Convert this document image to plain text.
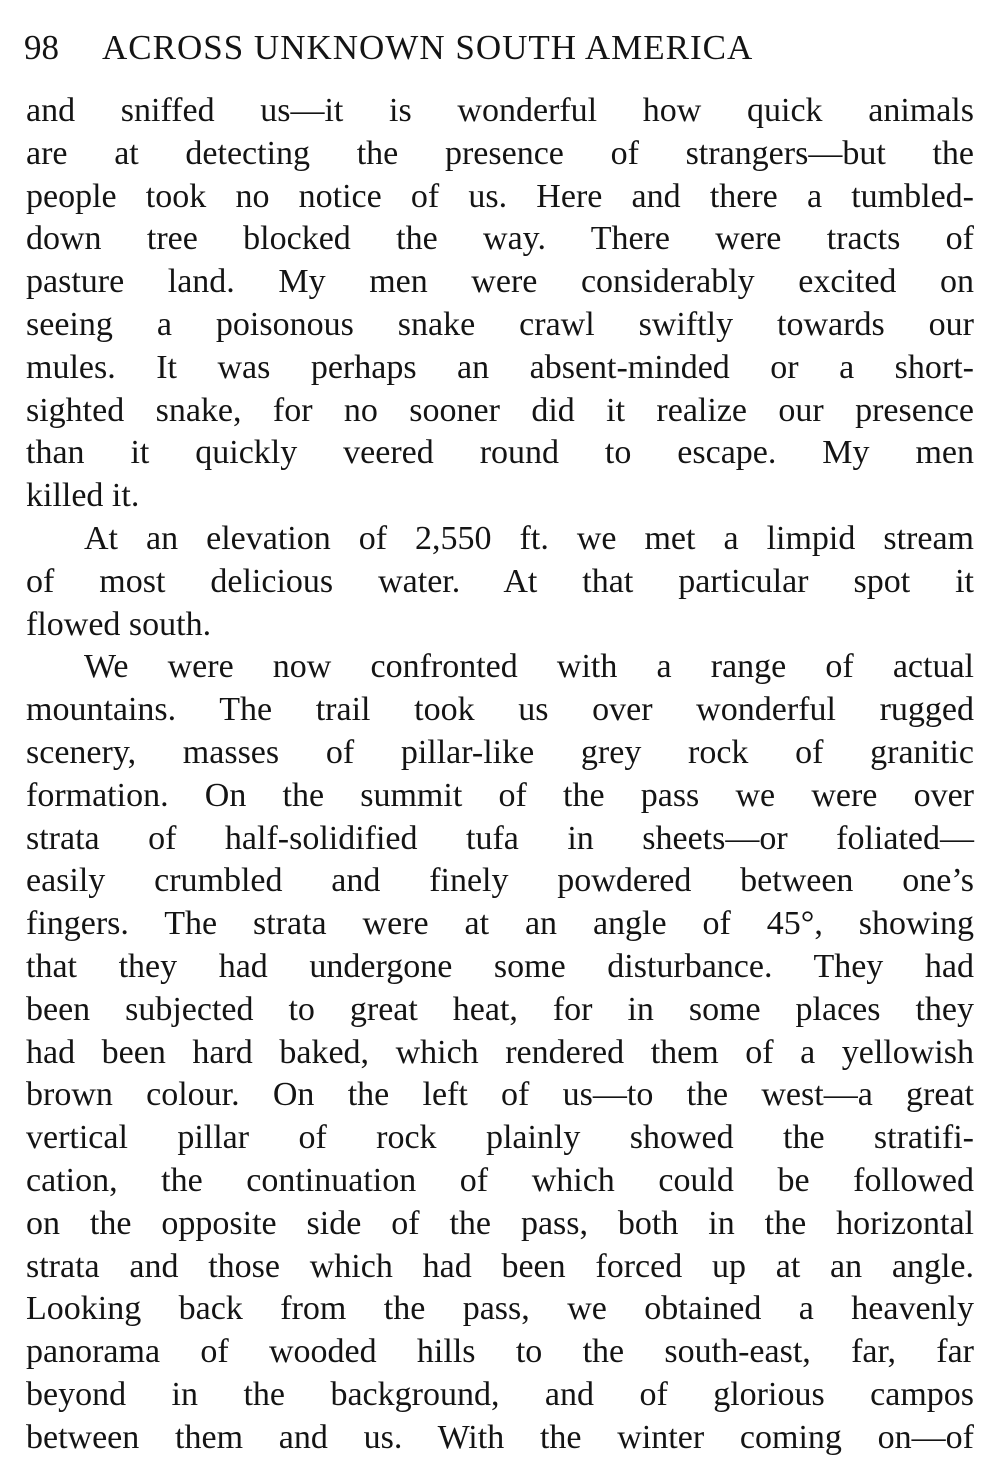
98 ACROSS UNKNOWN SOUTH AMERICA
and sniffed us—it is wonderful how quick animals
are at detecting the presence of strangers—but the
people took no notice of us. Here and there a tumbled-
down tree blocked the way. There were tracts of
pasture land. My men were considerably excited on
seeing a poisonous snake crawl swiftly towards our
mules. It was perhaps an absent-minded or a short-
sighted snake, for no sooner did it realize our presence
than it quickly veered round to escape. My men
killed it.
At an elevation of 2,550 ft. we met a limpid stream
of most delicious water. At that particular spot it
flowed south.
We were now confronted with a range of actual
mountains. The trail took us over wonderful rugged
scenery, masses of pillar-like grey rock of granitic
formation. On the summit of the pass we were over
strata of half-solidified tufa in sheets—or foliated—
easily crumbled and finely powdered between one’s
fingers. The strata were at an angle of 45°, showing
that they had undergone some disturbance. They had
been subjected to great heat, for in some places they
had been hard baked, which rendered them of a yellowish
brown colour. On the left of us—to the west—a great
vertical pillar of rock plainly showed the stratifi-
cation, the continuation of which could be followed
on the opposite side of the pass, both in the horizontal
strata and those which had been forced up at an angle.
Looking back from the pass, we obtained a heavenly
panorama of wooded hills to the south-east, far, far
beyond in the background, and of glorious campos
between them and us. With the winter coming on—of
